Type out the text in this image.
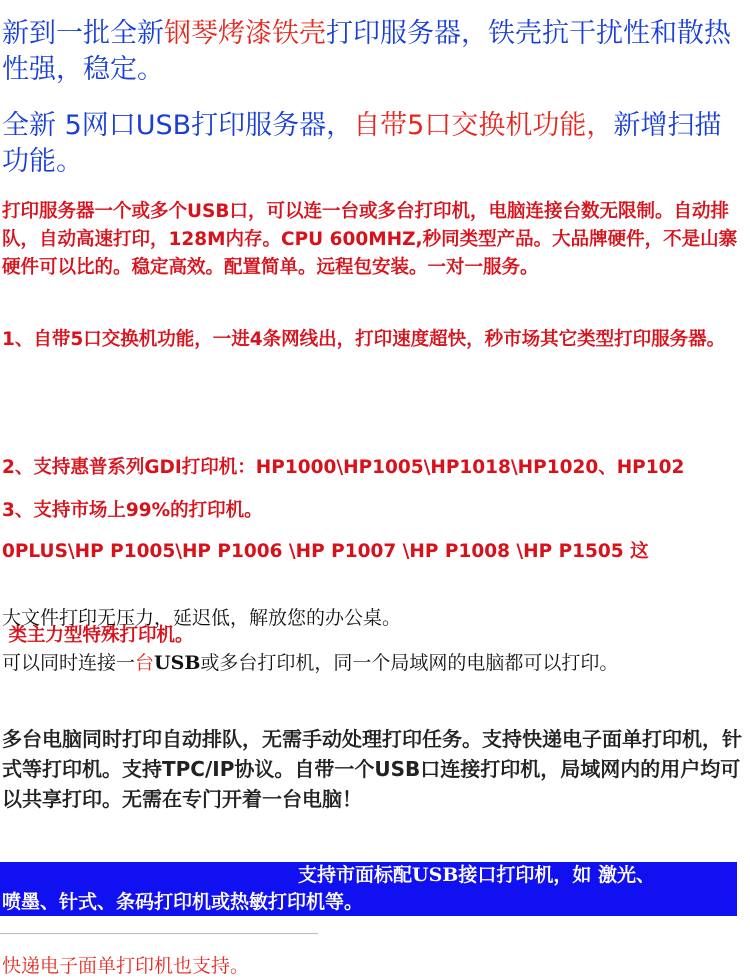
新到一批全新钢琴烤漆铁壳打印服务器，铁壳抗干扰性和散热性强，稳定。

全新 5网口USB打印服务器，自带5口交换机功能，新增扫描功能。

打印服务器一个或多个USB口，可以连一台或多台打印机，电脑连接台数无限制。自动排队，自动高速打印，128M内存。CPU 600MHZ,秒同类型产品。大品牌硬件，不是山寨硬件可以比的。稳定高效。配置简单。远程包安装。一对一服务。

1、自带5口交换机功能，一进4条网线出，打印速度超快，秒市场其它类型打印服务器。

2、支持惠普系列GDI打印机：HP1000\HP1005\HP1018\HP1020、HP102

0PLUS\HP P1005\HP P1006 \HP P1007 \HP P1008 \HP P1505 这

类主力型特殊打印机。

3、支持市场上99%的打印机。

大文件打印无压力，延迟低，解放您的办公桌。

可以同时连接一台USB或多台打印机，同一个局域网的电脑都可以打印。

多台电脑同时打印自动排队，无需手动处理打印任务。支持快递电子面单打印机，针式等打印机。支持TPC/IP协议。自带一个USB口连接打印机，局域网内的用户均可以共享打印。无需在专门开着一台电脑！

支持市面标配USB接口打印机，如 激光、
喷墨、针式、条码打印机或热敏打印机等。

快递电子面单打印机也支持。
